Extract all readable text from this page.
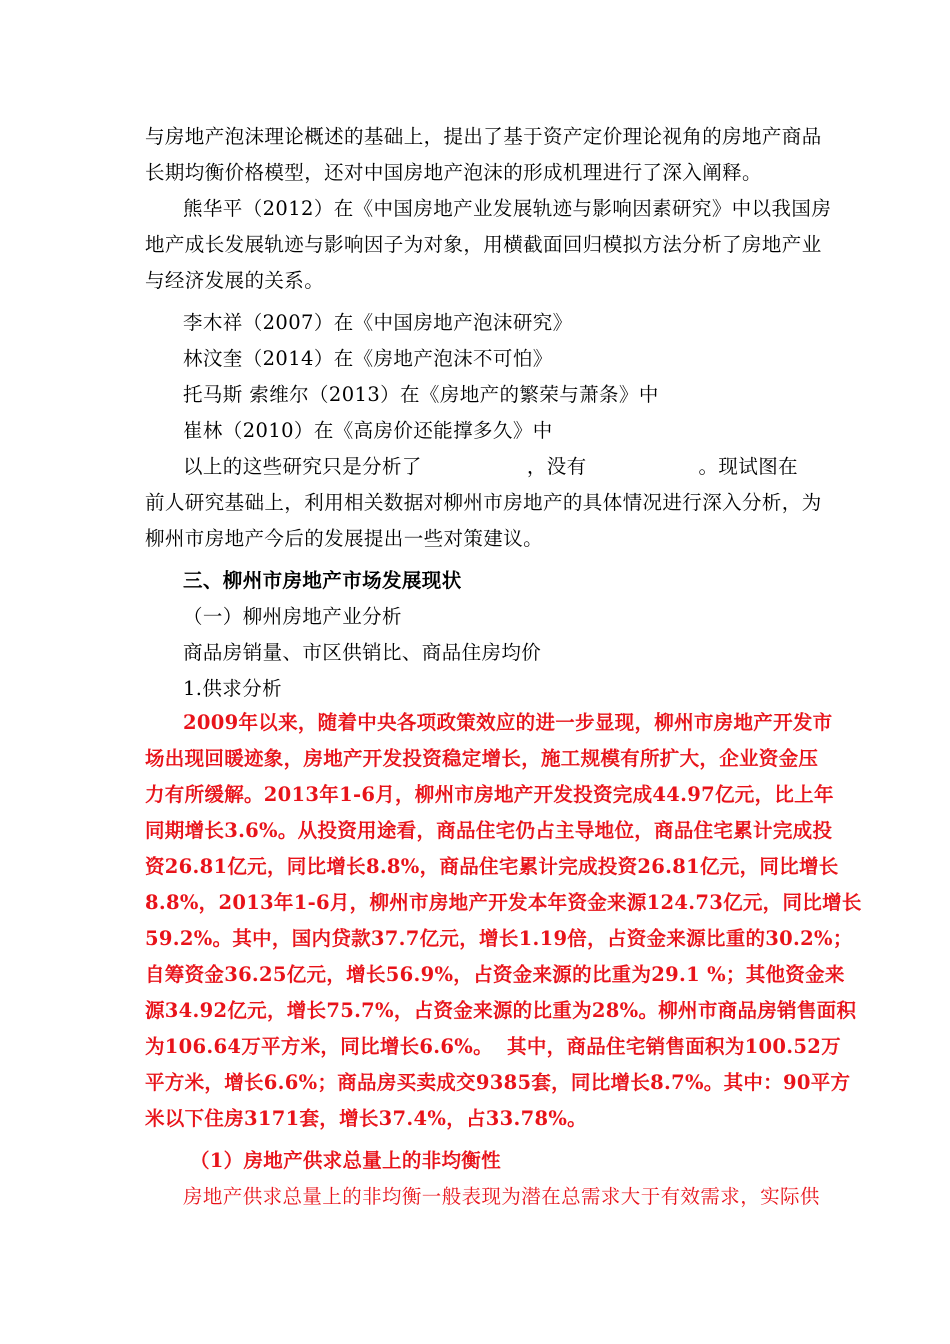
与房地产泡沫理论概述的基础上，提出了基于资产定价理论视角的房地产商品
长期均衡价格模型，还对中国房地产泡沫的形成机理进行了深入阐释。
熊华平（2012）在《中国房地产业发展轨迹与影响因素研究》中以我国房
地产成长发展轨迹与影响因子为对象，用横截面回归模拟方法分析了房地产业
与经济发展的关系。
李木祥（2007）在《中国房地产泡沫研究》
林汶奎（2014）在《房地产泡沫不可怕》
托马斯 索维尔（2013）在《房地产的繁荣与萧条》中
崔林（2010）在《高房价还能撑多久》中
以上的这些研究只是分析了	，没有	。现试图在
前人研究基础上，利用相关数据对柳州市房地产的具体情况进行深入分析，为
柳州市房地产今后的发展提出一些对策建议。
三、柳州市房地产市场发展现状
（一）柳州房地产业分析
商品房销量、市区供销比、商品住房均价
1.供求分析
2009年以来，随着中央各项政策效应的进一步显现，柳州市房地产开发市
场出现回暖迹象，房地产开发投资稳定增长，施工规模有所扩大，企业资金压
力有所缓解。2013年1-6月，柳州市房地产开发投资完成44.97亿元，比上年
同期增长3.6%。从投资用途看，商品住宅仍占主导地位，商品住宅累计完成投
资26.81亿元，同比增长8.8%，商品住宅累计完成投资26.81亿元，同比增长
8.8%，2013年1-6月，柳州市房地产开发本年资金来源124.73亿元，同比增长
59.2%。其中，国内贷款37.7亿元，增长1.19倍，占资金来源比重的30.2%；
自筹资金36.25亿元，增长56.9%，占资金来源的比重为29.1 %；其他资金来
源34.92亿元，增长75.7%，占资金来源的比重为28%。柳州市商品房销售面积
为106.64万平方米，同比增长6.6%。  其中，商品住宅销售面积为100.52万
平方米，增长6.6%；商品房买卖成交9385套，同比增长8.7%。其中：90平方
米以下住房3171套，增长37.4%，占33.78%。
（1）房地产供求总量上的非均衡性
房地产供求总量上的非均衡一般表现为潜在总需求大于有效需求，实际供
